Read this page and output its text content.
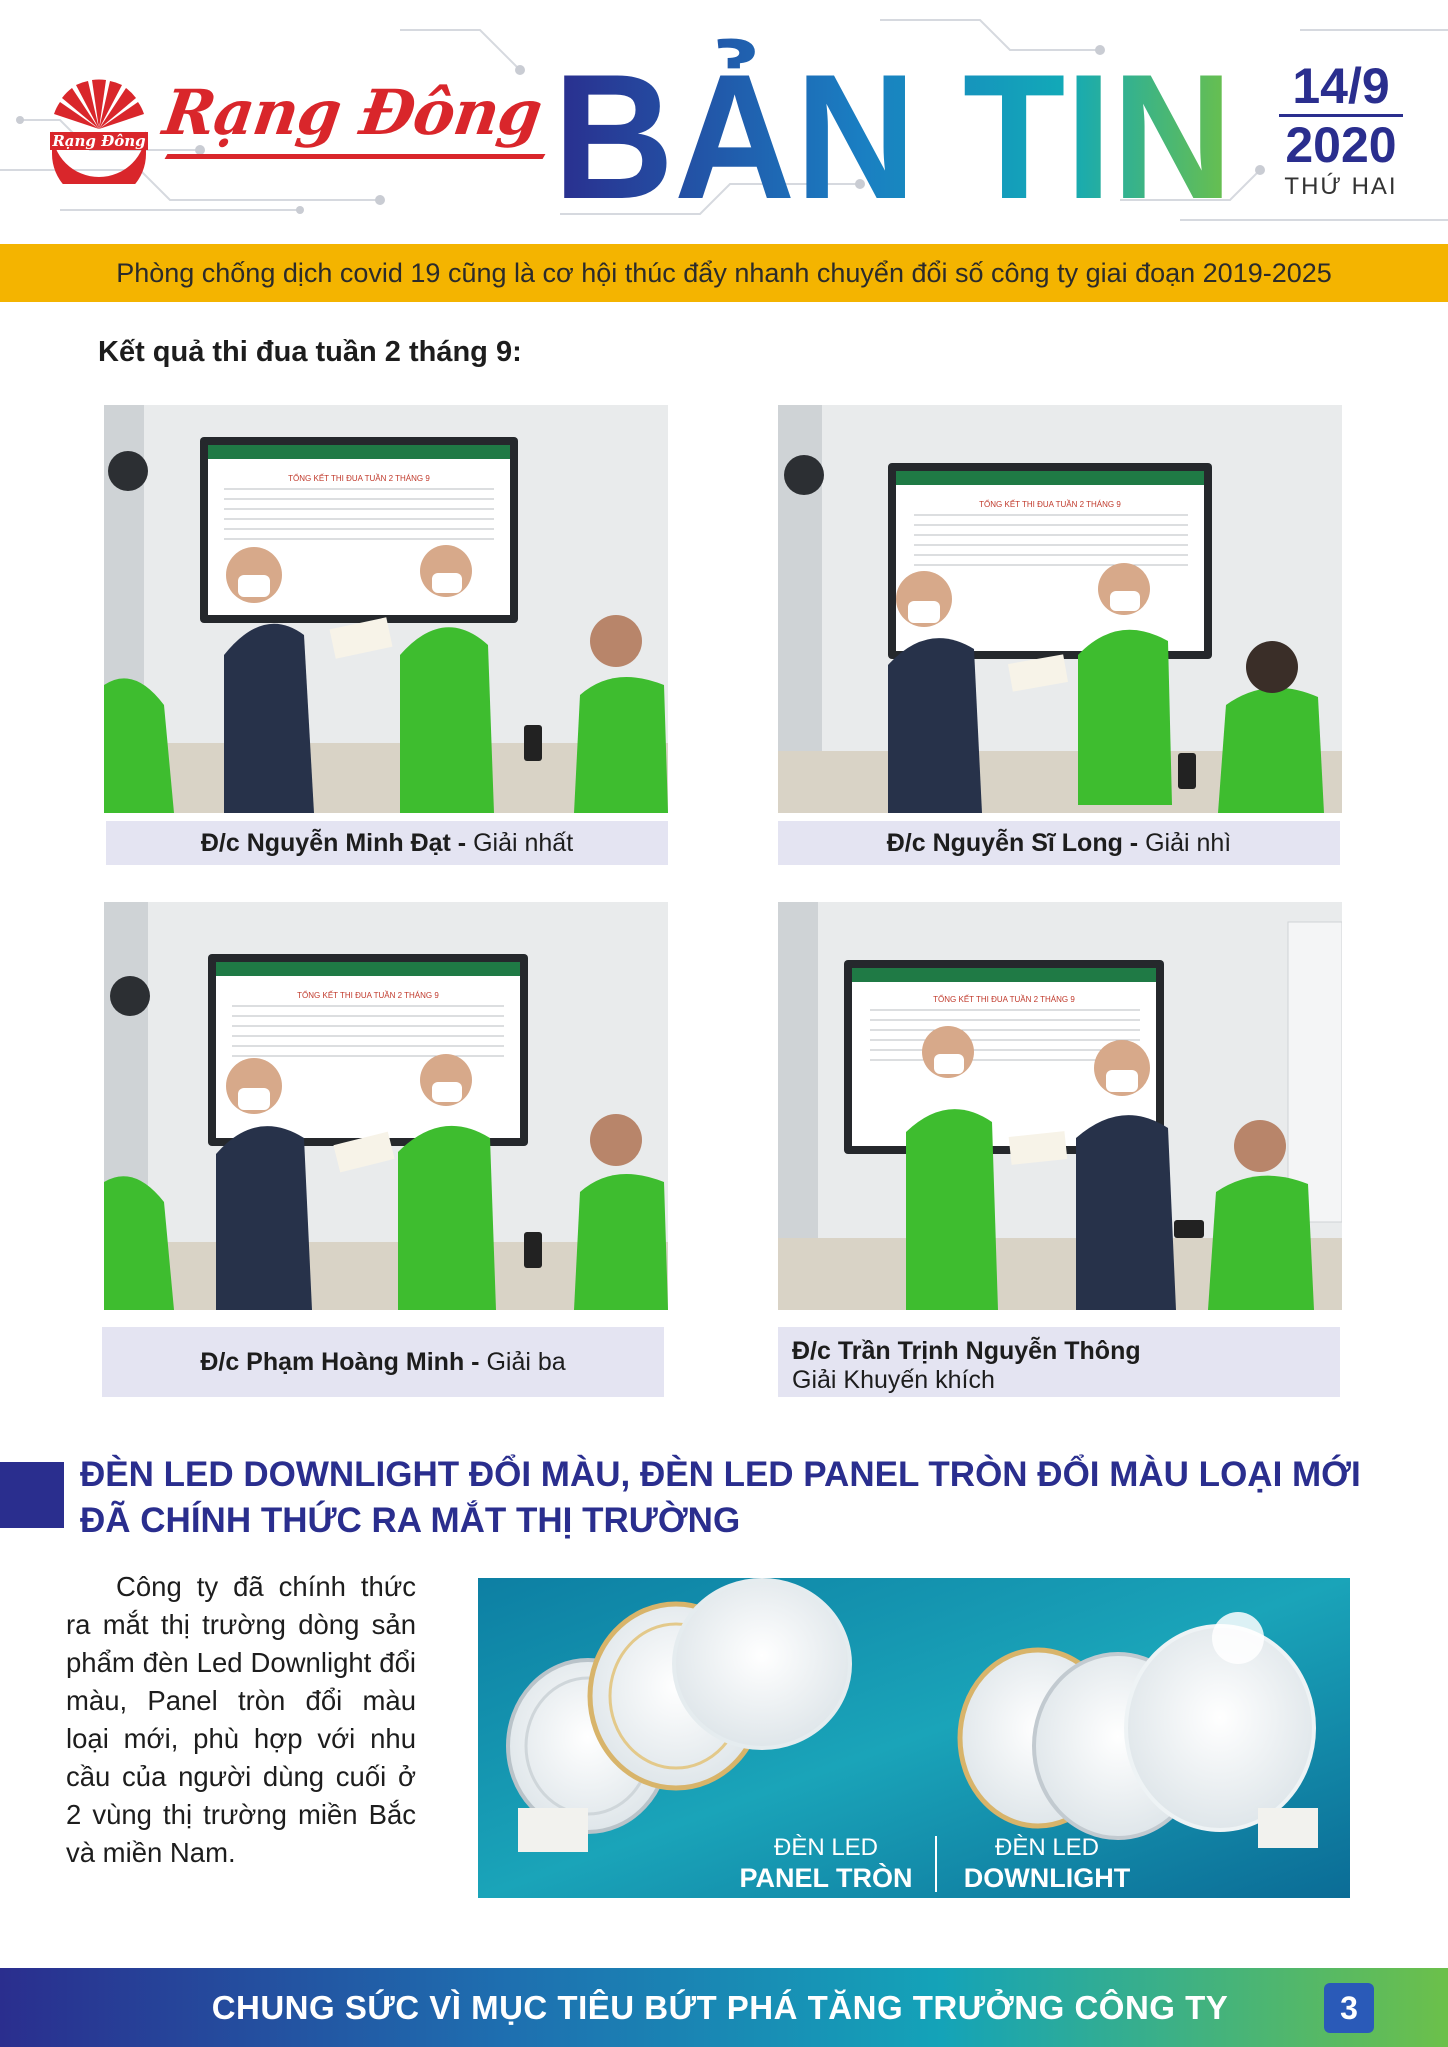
Rạng Đông Rạng Đông BẢN TIN	14/9
2020
THỨ HAI
Phòng chống dịch covid 19 cũng là cơ hội thúc đẩy nhanh chuyển đổi số công ty giai đoạn 2019-2025
Kết quả thi đua tuần 2 tháng 9:
TỔNG KẾT THI ĐUA TUẦN 2 THÁNG 9
Đ/c Nguyễn Minh Đạt - Giải nhất
TỔNG KẾT THI ĐUA TUẦN 2 THÁNG 9
Đ/c Nguyễn Sĩ Long - Giải nhì
TỔNG KẾT THI ĐUA TUẦN 2 THÁNG 9
Đ/c Phạm Hoàng Minh - Giải ba
TỔNG KẾT THI ĐUA TUẦN 2 THÁNG 9
Đ/c Trần Trịnh Nguyễn Thông
Giải Khuyến khích
ĐÈN LED DOWNLIGHT ĐỔI MÀU, ĐÈN LED PANEL TRÒN ĐỔI MÀU LOẠI MỚI ĐÃ CHÍNH THỨC RA MẮT THỊ TRƯỜNG
Công ty đã chính thức ra mắt thị trường dòng sản phẩm đèn Led Downlight đổi màu, Panel tròn đổi màu loại mới, phù hợp với nhu cầu của người dùng cuối ở 2 vùng thị trường miền Bắc và miền Nam.	ĐÈN LED
PANEL TRÒN
ĐÈN LED
DOWNLIGHT
CHUNG SỨC VÌ MỤC TIÊU BỨT PHÁ TĂNG TRƯỞNG CÔNG TY	3
